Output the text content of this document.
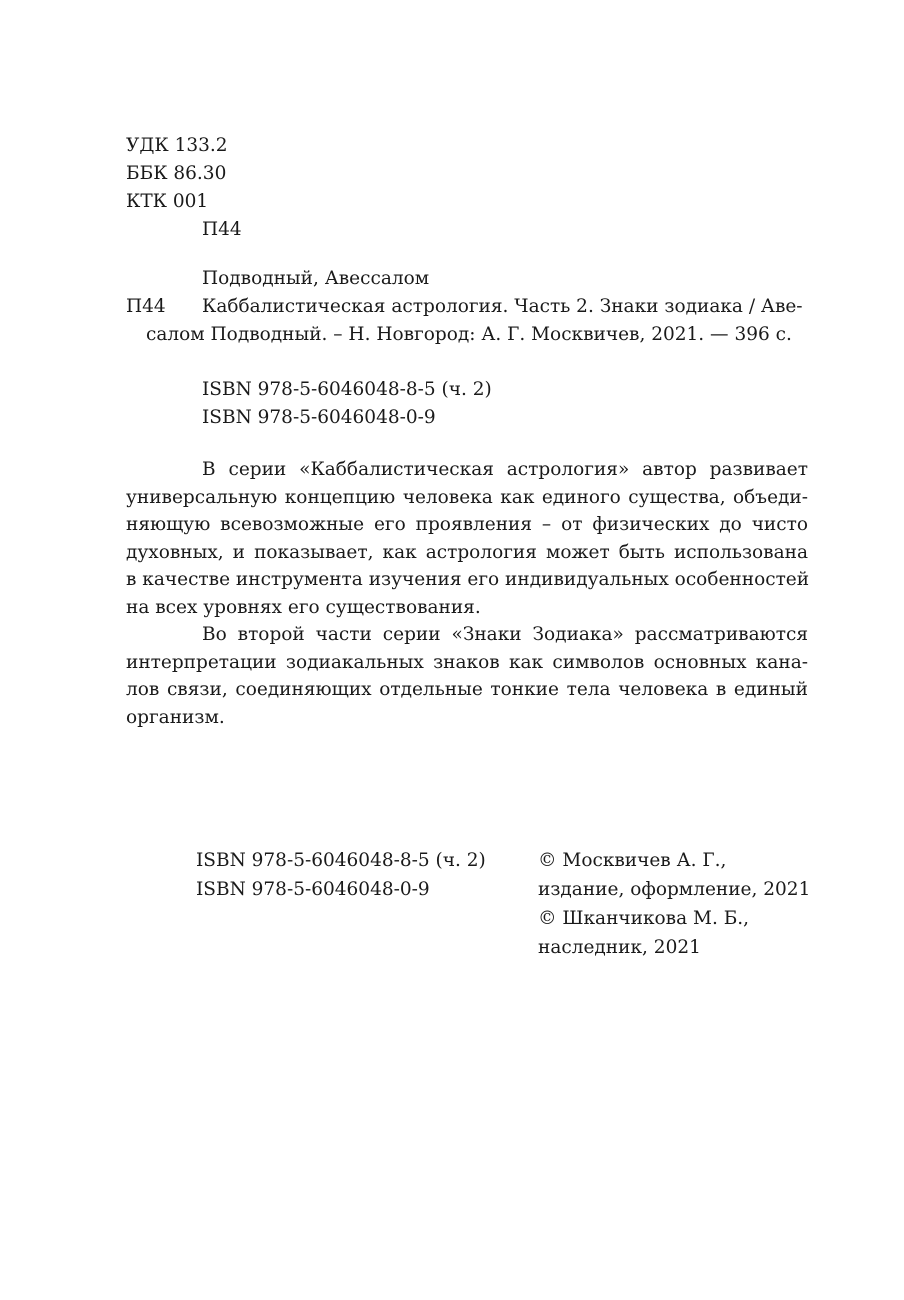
УДК 133.2
ББК 86.30
КТК 001
П44
Подводный, Авессалом
П44 Каббалистическая астрология. Часть 2. Знаки зодиака / Аве-
салом Подводный. – Н. Новгород: А. Г. Москвичев, 2021. — 396 с.
ISBN 978-5-6046048-8-5 (ч. 2)
ISBN 978-5-6046048-0-9
В серии «Каббалистическая астрология» автор развивает
универсальную концепцию человека как единого существа, объеди-
няющую всевозможные его проявления – от физических до чисто
духовных, и показывает, как астрология может быть использована
в качестве инструмента изучения его индивидуальных особенностей
на всех уровнях его существования.
Во второй части серии «Знаки Зодиака» рассматриваются
интерпретации зодиакальных знаков как символов основных кана-
лов связи, соединяющих отдельные тонкие тела человека в единый
организм.
ISBN 978-5-6046048-8-5 (ч. 2)
ISBN 978-5-6046048-0-9
© Москвичев А. Г.,
издание, оформление, 2021
© Шканчикова М. Б.,
наследник, 2021
